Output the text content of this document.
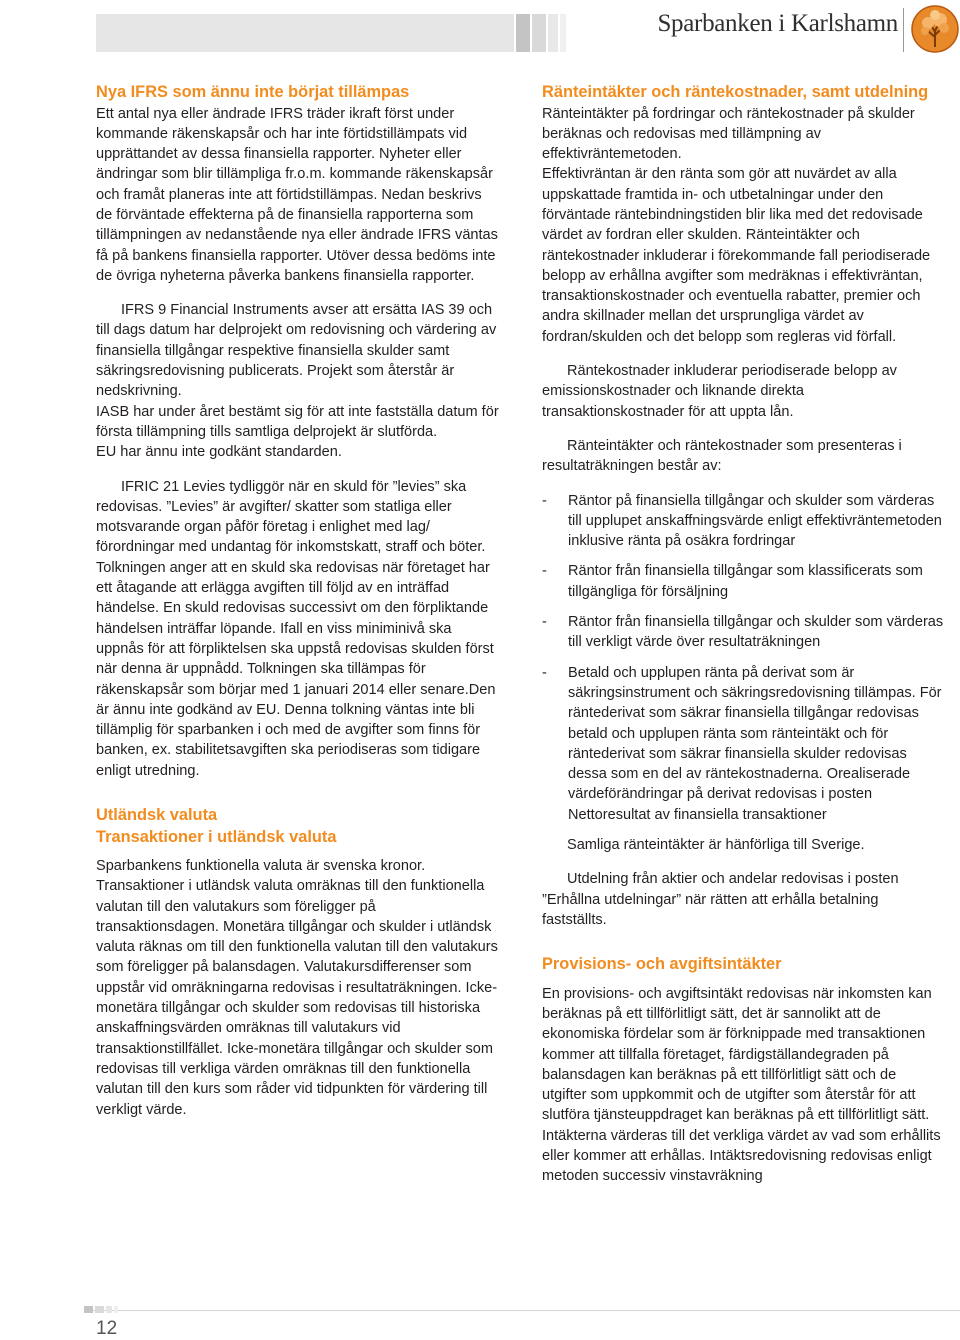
Sparbanken i Karlshamn
Nya IFRS som ännu inte börjat tillämpas

Ett antal nya eller ändrade IFRS träder ikraft först under kommande räkenskapsår och har inte förtidstillämpats vid upprättandet av dessa finansiella rapporter. Nyheter eller ändringar som blir tillämpliga fr.o.m. kommande räkenskapsår och framåt planeras inte att förtidstillämpas. Nedan beskrivs de förväntade effekterna på de finansiella rapporterna som tillämpningen av nedanstående nya eller ändrade IFRS väntas få på bankens finansiella rapporter. Utöver dessa bedöms inte de övriga nyheterna påverka bankens finansiella rapporter.

IFRS 9 Financial Instruments avser att ersätta IAS 39 och till dags datum har delprojekt om redovisning och värdering av finansiella tillgångar respektive finansiella skulder samt säkringsredovisning publicerats. Projekt som återstår är nedskrivning.

IASB har under året bestämt sig för att inte fastställa datum för första tillämpning tills samtliga delprojekt är slutförda.

EU har ännu inte godkänt standarden.

IFRIC 21 Levies tydliggör när en skuld för ”levies” ska redovisas. ”Levies” är avgifter/ skatter som statliga eller motsvarande organ påför företag i enlighet med lag/ förordningar med undantag för inkomstskatt, straff och böter. Tolkningen anger att en skuld ska redovisas när företaget har ett åtagande att erlägga avgiften till följd av en inträffad händelse. En skuld redovisas successivt om den förpliktande händelsen inträffar löpande. Ifall en viss miniminivå ska uppnås för att förpliktelsen ska uppstå redovisas skulden först när denna är uppnådd. Tolkningen ska tillämpas för räkenskapsår som börjar med 1 januari 2014 eller senare.Den är ännu inte godkänd av EU. Denna tolkning väntas inte bli tillämplig för sparbanken i och med de avgifter som finns för banken, ex. stabilitetsavgiften ska periodiseras som tidigare enligt utredning.

Utländsk valuta
Transaktioner i utländsk valuta

Sparbankens funktionella valuta är svenska kronor. Transaktioner i utländsk valuta omräknas till den funktionella valutan till den valutakurs som föreligger på transaktionsdagen. Monetära tillgångar och skulder i utländsk valuta räknas om till den funktionella valutan till den valutakurs som föreligger på balansdagen. Valutakursdifferenser som uppstår vid omräkningarna redovisas i resultaträkningen. Icke-monetära tillgångar och skulder som redovisas till historiska anskaffningsvärden omräknas till valutakurs vid transaktionstillfället. Icke-monetära tillgångar och skulder som redovisas till verkliga värden omräknas till den funktionella valutan till den kurs som råder vid tidpunkten för värdering till verkligt värde.

Ränteintäkter och räntekostnader, samt utdelning

Ränteintäkter på fordringar och räntekostnader på skulder beräknas och redovisas med tillämpning av effektivräntemetoden.

Effektivräntan är den ränta som gör att nuvärdet av alla uppskattade framtida in- och utbetalningar under den förväntade räntebindningstiden blir lika med det redovisade värdet av fordran eller skulden. Ränteintäkter och räntekostnader inkluderar i förekommande fall periodiserade belopp av erhållna avgifter som medräknas i effektivräntan, transaktionskostnader och eventuella rabatter, premier och andra skillnader mellan det ursprungliga värdet av fordran/skulden och det belopp som regleras vid förfall.

Räntekostnader inkluderar periodiserade belopp av emissionskostnader och liknande direkta transaktionskostnader för att uppta lån.

Ränteintäkter och räntekostnader som presenteras i resultaträkningen består av:

- Räntor på finansiella tillgångar och skulder som värderas till upplupet anskaffningsvärde enligt effektivräntemetoden inklusive ränta på osäkra fordringar
- Räntor från finansiella tillgångar som klassificerats som tillgängliga för försäljning
- Räntor från finansiella tillgångar och skulder som värderas till verkligt värde över resultaträkningen
- Betald och upplupen ränta på derivat som är säkringsinstrument och säkringsredovisning tillämpas. För räntederivat som säkrar finansiella tillgångar redovisas betald och upplupen ränta som ränteintäkt och för räntederivat som säkrar finansiella skulder redovisas dessa som en del av räntekostnaderna. Orealiserade värdeförändringar på derivat redovisas i posten Nettoresultat av finansiella transaktioner

Samliga ränteintäkter är hänförliga till Sverige.

Utdelning från aktier och andelar redovisas i posten ”Erhållna utdelningar” när rätten att erhålla betalning fastställts.

Provisions- och avgiftsintäkter

En provisions- och avgiftsintäkt redovisas när inkomsten kan beräknas på ett tillförlitligt sätt, det är sannolikt att de ekonomiska fördelar som är förknippade med transaktionen kommer att tillfalla företaget, färdigställandegraden på balansdagen kan beräknas på ett tillförlitligt sätt och de utgifter som uppkommit och de utgifter som återstår för att slutföra tjänsteuppdraget kan beräknas på ett tillförlitligt sätt. Intäkterna värderas till det verkliga värdet av vad som erhållits eller kommer att erhållas. Intäktsredovisning redovisas enligt metoden successiv vinstavräkning

12
